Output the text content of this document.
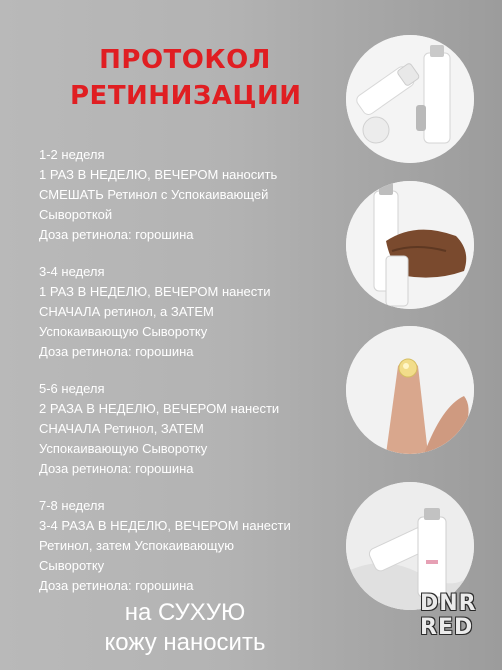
ПРОТОКОЛ
РЕТИНИЗАЦИИ
1-2 неделя
1 РАЗ В НЕДЕЛЮ, ВЕЧЕРОМ наносить
СМЕШАТЬ Ретинол с Успокаивающей
Сывороткой
Доза ретинола: горошина
3-4 неделя
1 РАЗ В НЕДЕЛЮ, ВЕЧЕРОМ нанести
СНАЧАЛА ретинол, а ЗАТЕМ
Успокаивающую Сыворотку
Доза ретинола: горошина
5-6 неделя
2 РАЗА В НЕДЕЛЮ, ВЕЧЕРОМ нанести
СНАЧАЛА Ретинол, ЗАТЕМ
Успокаивающую Сыворотку
Доза ретинола: горошина
7-8 неделя
3-4 РАЗА В НЕДЕЛЮ, ВЕЧЕРОМ нанести
Ретинол, затем Успокаивающую
Сыворотку
Доза ретинола: горошина
на СУХУЮ
кожу наносить
DNR
RED
